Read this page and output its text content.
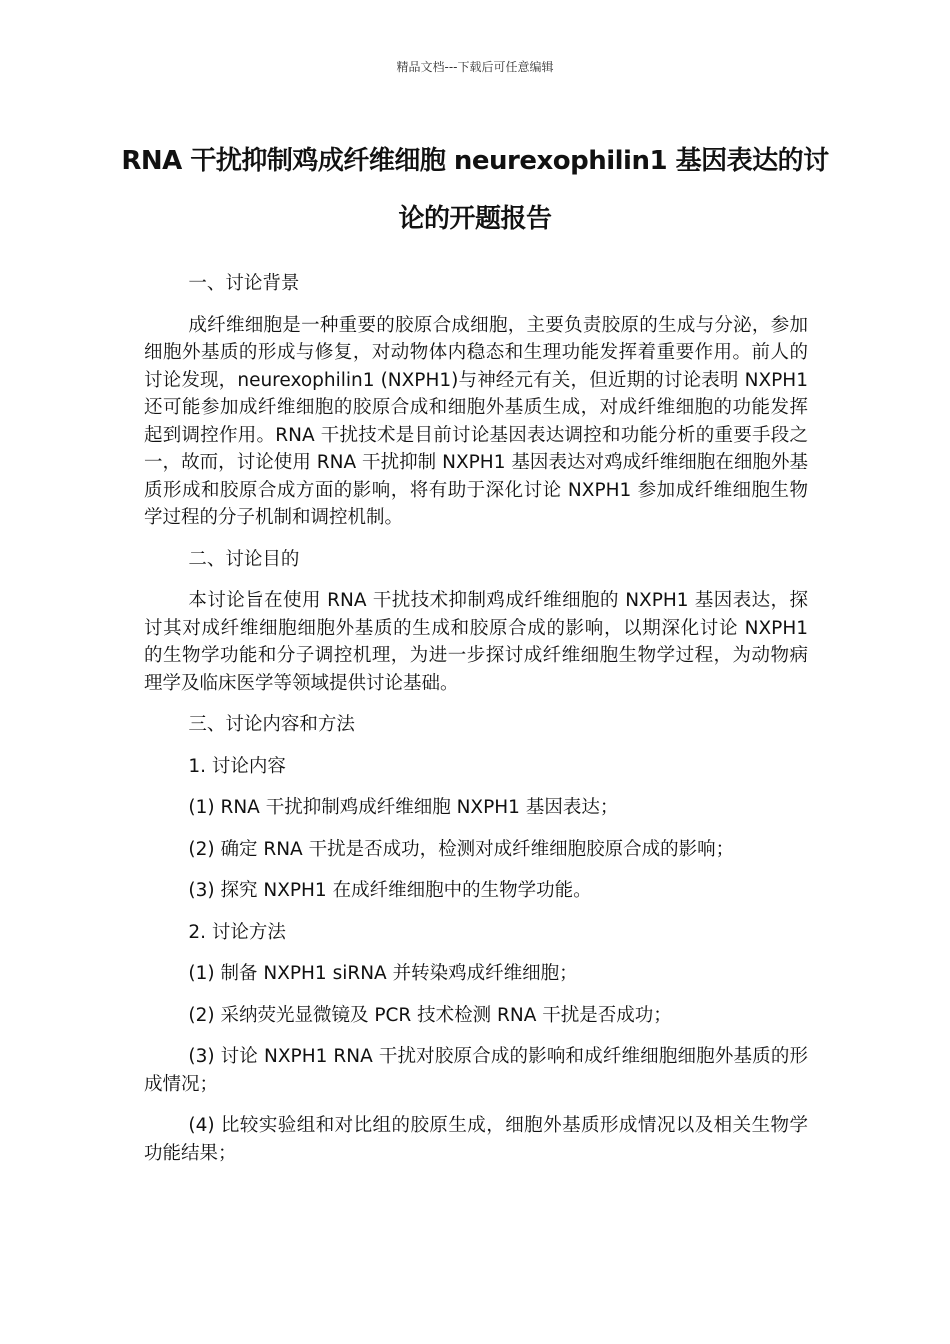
精品文档---下载后可任意编辑
RNA 干扰抑制鸡成纤维细胞 neurexophilin1 基因表达的讨论的开题报告

一、讨论背景

成纤维细胞是一种重要的胶原合成细胞，主要负责胶原的生成与分泌，参加细胞外基质的形成与修复，对动物体内稳态和生理功能发挥着重要作用。前人的讨论发现，neurexophilin1 (NXPH1)与神经元有关，但近期的讨论表明 NXPH1 还可能参加成纤维细胞的胶原合成和细胞外基质生成，对成纤维细胞的功能发挥起到调控作用。RNA 干扰技术是目前讨论基因表达调控和功能分析的重要手段之一，故而，讨论使用 RNA 干扰抑制 NXPH1 基因表达对鸡成纤维细胞在细胞外基质形成和胶原合成方面的影响，将有助于深化讨论 NXPH1 参加成纤维细胞生物学过程的分子机制和调控机制。

二、讨论目的

本讨论旨在使用 RNA 干扰技术抑制鸡成纤维细胞的 NXPH1 基因表达，探讨其对成纤维细胞细胞外基质的生成和胶原合成的影响，以期深化讨论 NXPH1 的生物学功能和分子调控机理，为进一步探讨成纤维细胞生物学过程，为动物病理学及临床医学等领域提供讨论基础。

三、讨论内容和方法

1. 讨论内容

(1) RNA 干扰抑制鸡成纤维细胞 NXPH1 基因表达；

(2) 确定 RNA 干扰是否成功，检测对成纤维细胞胶原合成的影响；

(3) 探究 NXPH1 在成纤维细胞中的生物学功能。

2. 讨论方法

(1) 制备 NXPH1 siRNA 并转染鸡成纤维细胞；

(2) 采纳荧光显微镜及 PCR 技术检测 RNA 干扰是否成功；

(3) 讨论 NXPH1 RNA 干扰对胶原合成的影响和成纤维细胞细胞外基质的形成情况；

(4) 比较实验组和对比组的胶原生成，细胞外基质形成情况以及相关生物学功能结果；
